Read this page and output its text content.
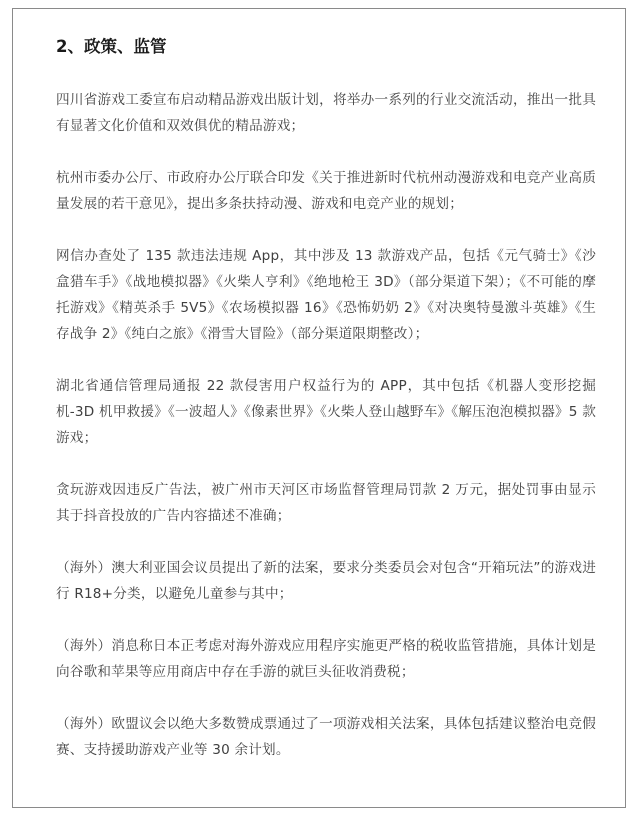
2、政策、监管

四川省游戏工委宣布启动精品游戏出版计划，将举办一系列的行业交流活动，推出一批具有显著文化价值和双效俱优的精品游戏；

杭州市委办公厅、市政府办公厅联合印发《关于推进新时代杭州动漫游戏和电竞产业高质量发展的若干意见》，提出多条扶持动漫、游戏和电竞产业的规划；

网信办查处了 135 款违法违规 App，其中涉及 13 款游戏产品，包括《元气骑士》《沙盒猎车手》《战地模拟器》《火柴人亨利》《绝地枪王 3D》（部分渠道下架）；《不可能的摩托游戏》《精英杀手 5V5》《农场模拟器 16》《恐怖奶奶 2》《对决奥特曼激斗英雄》《生存战争 2》《纯白之旅》《滑雪大冒险》（部分渠道限期整改）；

湖北省通信管理局通报 22 款侵害用户权益行为的 APP，其中包括《机器人变形挖掘机-3D 机甲救援》《一波超人》《像素世界》《火柴人登山越野车》《解压泡泡模拟器》5 款游戏；

贪玩游戏因违反广告法，被广州市天河区市场监督管理局罚款 2 万元，据处罚事由显示其于抖音投放的广告内容描述不准确；

（海外）澳大利亚国会议员提出了新的法案，要求分类委员会对包含“开箱玩法”的游戏进行 R18+分类，以避免儿童参与其中；

（海外）消息称日本正考虑对海外游戏应用程序实施更严格的税收监管措施，具体计划是向谷歌和苹果等应用商店中存在手游的就巨头征收消费税；

（海外）欧盟议会以绝大多数赞成票通过了一项游戏相关法案，具体包括建议整治电竞假赛、支持援助游戏产业等 30 余计划。
